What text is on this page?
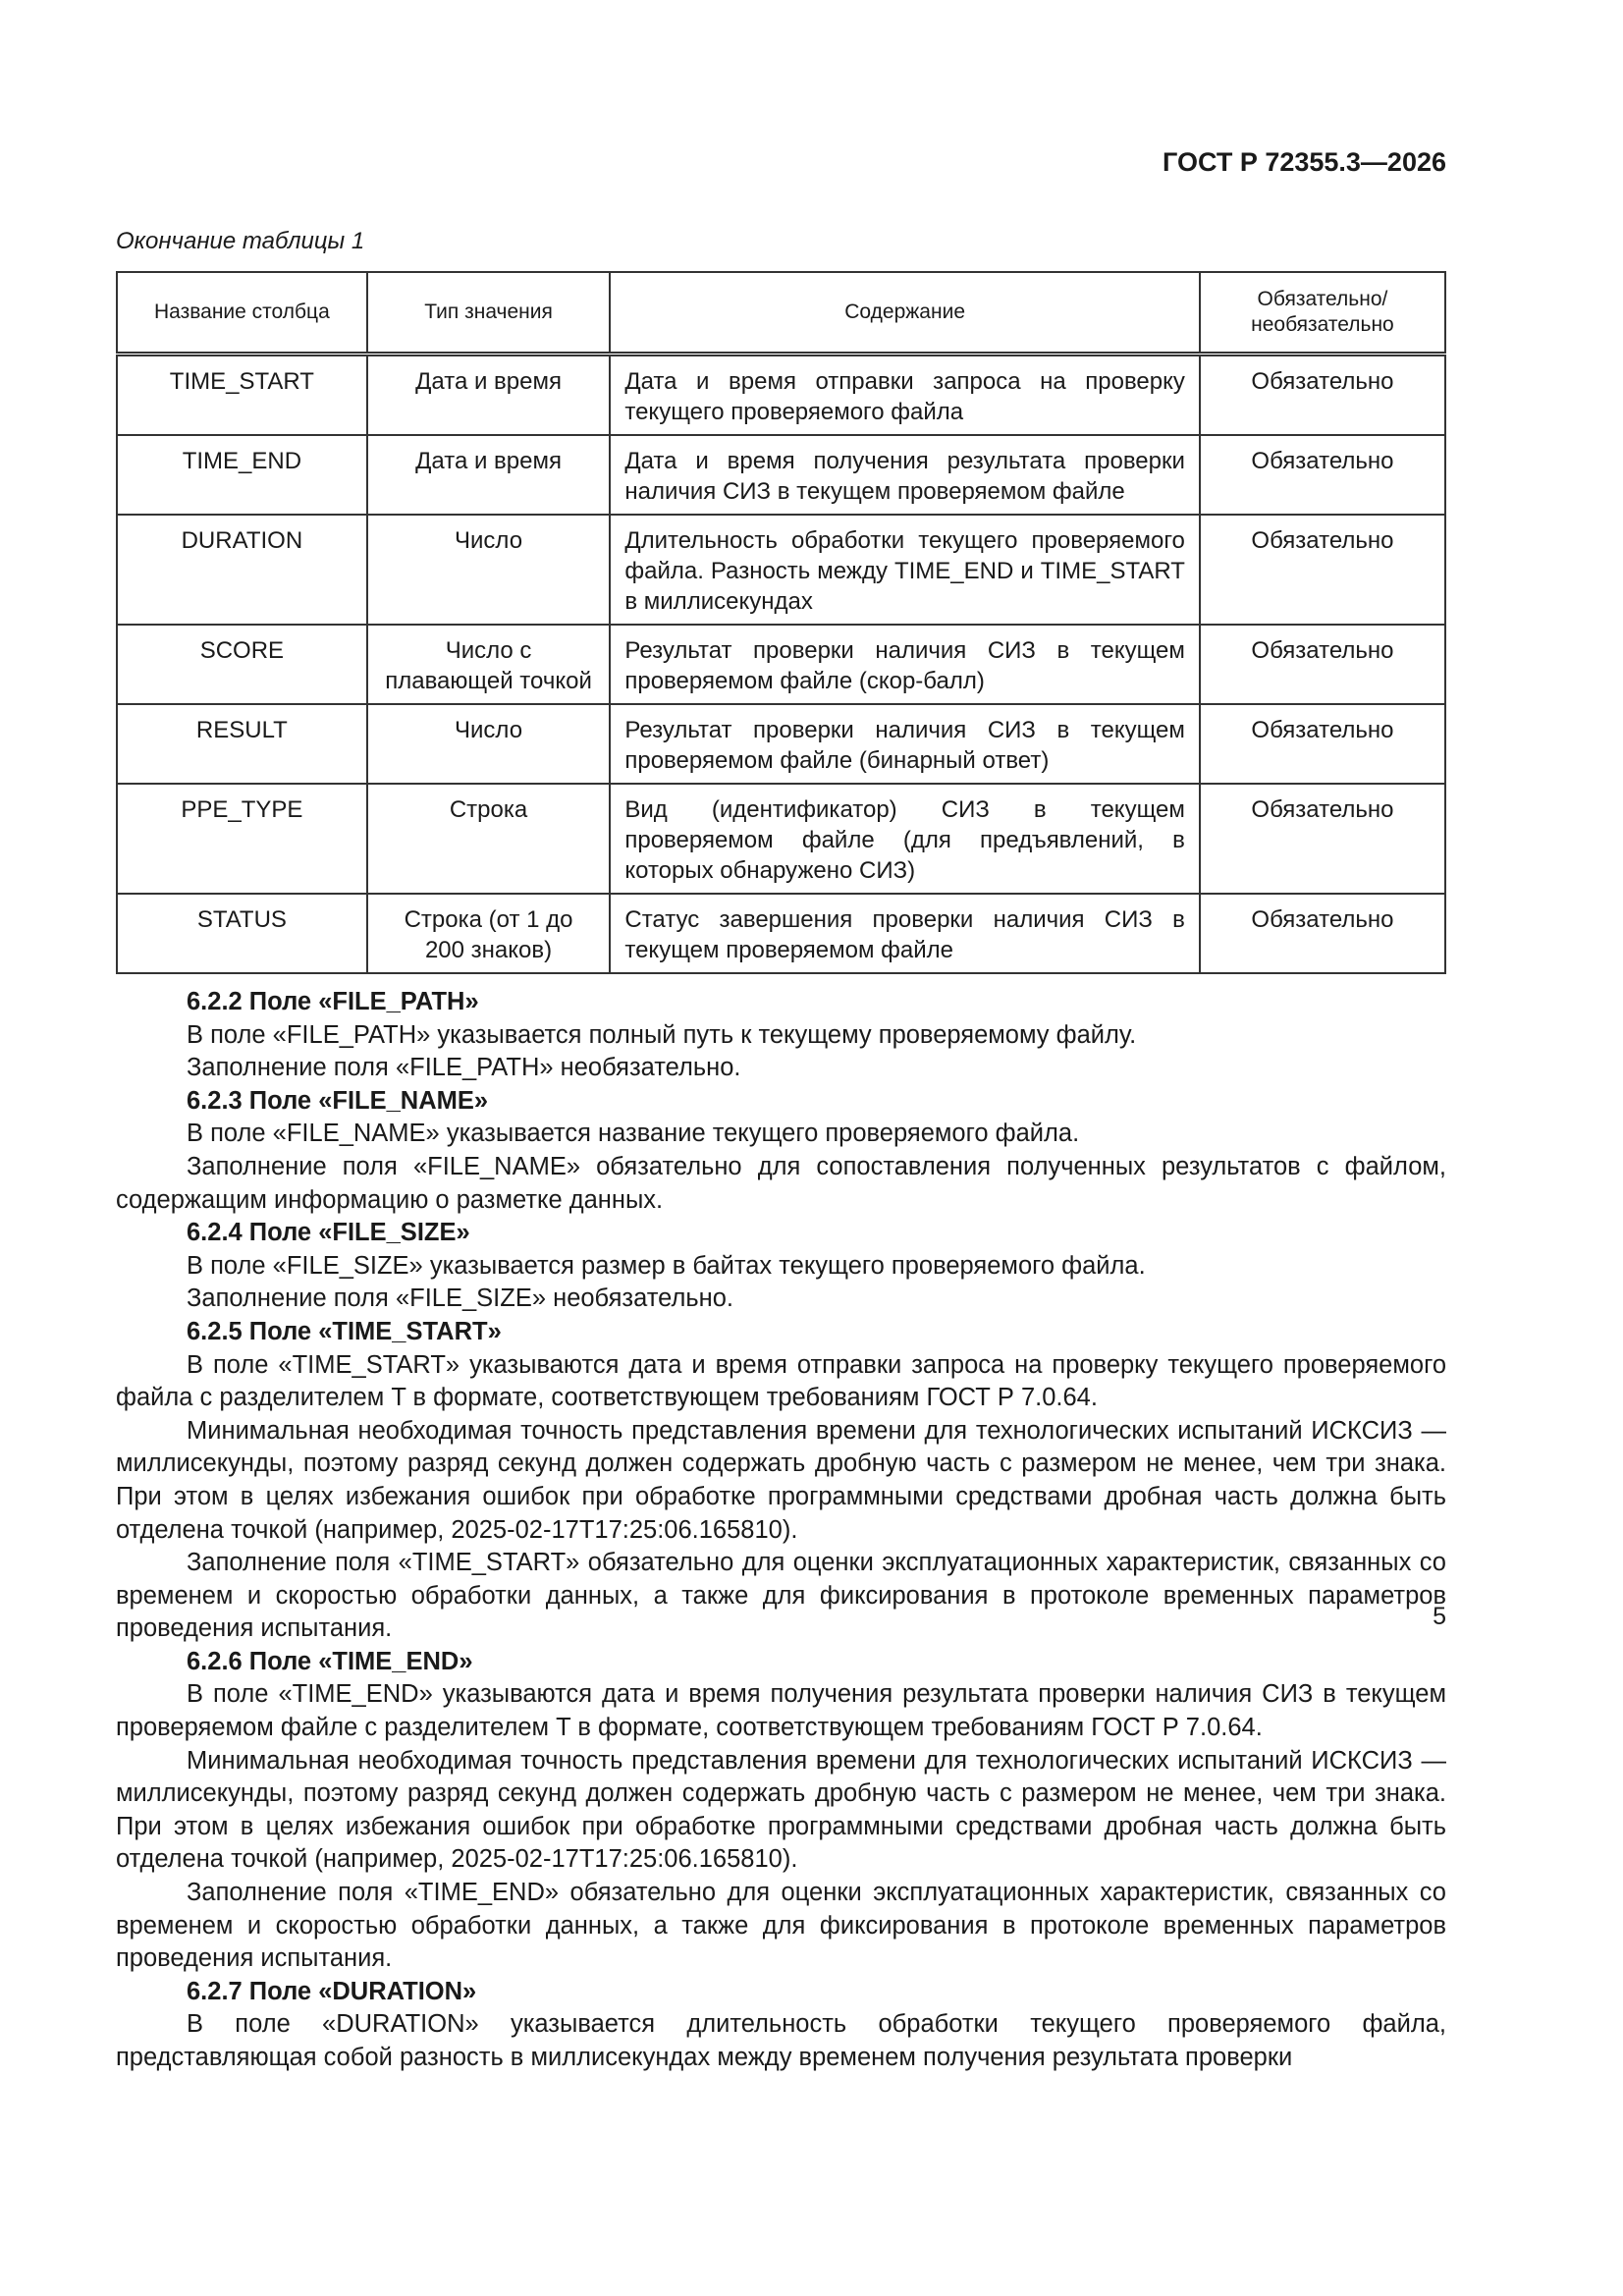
ГОСТ Р 72355.3—2026
Окончание таблицы 1
Название столбца	Тип значения	Содержание	Обязательно/ необязательно
TIME_START	Дата и время	Дата и время отправки запроса на проверку текущего проверяемого файла	Обязательно
TIME_END	Дата и время	Дата и время получения результата проверки наличия СИЗ в текущем проверяемом файле	Обязательно
DURATION	Число	Длительность обработки текущего проверяемого файла. Разность между TIME_END и TIME_START в миллисекундах	Обязательно
SCORE	Число с плавающей точкой	Результат проверки наличия СИЗ в текущем проверяемом файле (скор-балл)	Обязательно
RESULT	Число	Результат проверки наличия СИЗ в текущем проверяемом файле (бинарный ответ)	Обязательно
PPE_TYPE	Строка	Вид (идентификатор) СИЗ в текущем проверяемом файле (для предъявлений, в которых обнаружено СИЗ)	Обязательно
STATUS	Строка (от 1 до 200 знаков)	Статус завершения проверки наличия СИЗ в текущем проверяемом файле	Обязательно

6.2.2 Поле «FILE_PATH»

В поле «FILE_PATH» указывается полный путь к текущему проверяемому файлу.

Заполнение поля «FILE_PATH» необязательно.

6.2.3 Поле «FILE_NAME»

В поле «FILE_NAME» указывается название текущего проверяемого файла.

Заполнение поля «FILE_NAME» обязательно для сопоставления полученных результатов с файлом, содержащим информацию о разметке данных.

6.2.4 Поле «FILE_SIZE»

В поле «FILE_SIZE» указывается размер в байтах текущего проверяемого файла.

Заполнение поля «FILE_SIZE» необязательно.

6.2.5 Поле «TIME_START»

В поле «TIME_START» указываются дата и время отправки запроса на проверку текущего проверяемого файла с разделителем T в формате, соответствующем требованиям ГОСТ Р 7.0.64.

Минимальная необходимая точность представления времени для технологических испытаний ИСКСИЗ — миллисекунды, поэтому разряд секунд должен содержать дробную часть с размером не менее, чем три знака. При этом в целях избежания ошибок при обработке программными средствами дробная часть должна быть отделена точкой (например, 2025-02-17T17:25:06.165810).

Заполнение поля «TIME_START» обязательно для оценки эксплуатационных характеристик, связанных со временем и скоростью обработки данных, а также для фиксирования в протоколе временных параметров проведения испытания.

6.2.6 Поле «TIME_END»

В поле «TIME_END» указываются дата и время получения результата проверки наличия СИЗ в текущем проверяемом файле с разделителем T в формате, соответствующем требованиям ГОСТ Р 7.0.64.

Минимальная необходимая точность представления времени для технологических испытаний ИСКСИЗ — миллисекунды, поэтому разряд секунд должен содержать дробную часть с размером не менее, чем три знака. При этом в целях избежания ошибок при обработке программными средствами дробная часть должна быть отделена точкой (например, 2025-02-17T17:25:06.165810).

Заполнение поля «TIME_END» обязательно для оценки эксплуатационных характеристик, связанных со временем и скоростью обработки данных, а также для фиксирования в протоколе временных параметров проведения испытания.

6.2.7 Поле «DURATION»

В поле «DURATION» указывается длительность обработки текущего проверяемого файла, представляющая собой разность в миллисекундах между временем получения результата проверки

5
